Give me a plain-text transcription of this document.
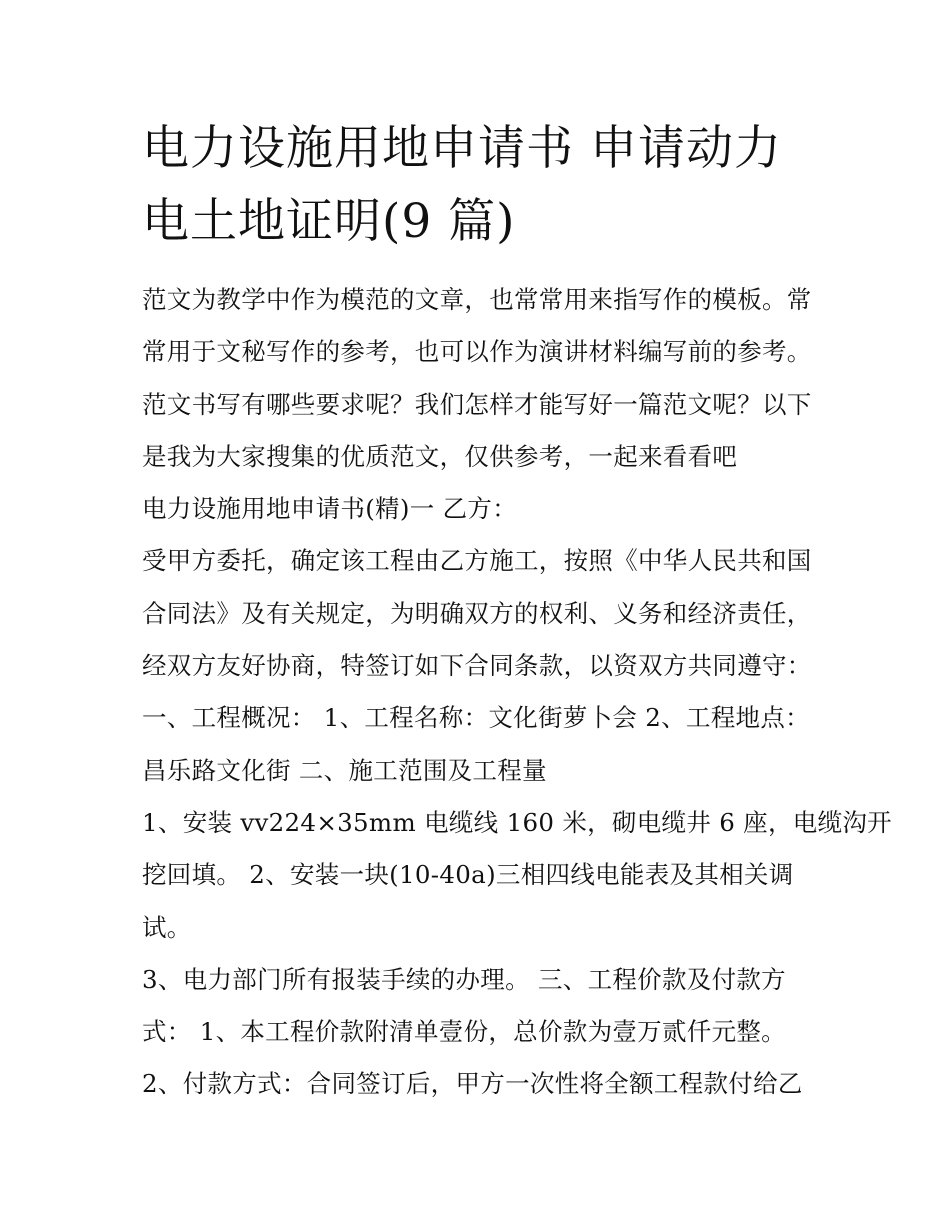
电力设施用地申请书 申请动力
电土地证明(9 篇)
范文为教学中作为模范的文章，也常常用来指写作的模板。常
常用于文秘写作的参考，也可以作为演讲材料编写前的参考。
范文书写有哪些要求呢？我们怎样才能写好一篇范文呢？以下
是我为大家搜集的优质范文，仅供参考，一起来看看吧
电力设施用地申请书(精)一 乙方：
受甲方委托，确定该工程由乙方施工，按照《中华人民共和国
合同法》及有关规定，为明确双方的权利、义务和经济责任，
经双方友好协商，特签订如下合同条款，以资双方共同遵守：
一、工程概况： 1、工程名称：文化街萝卜会 2、工程地点：
昌乐路文化街 二、施工范围及工程量
1、安装 vv224×35mm 电缆线 160 米，砌电缆井 6 座，电缆沟开
挖回填。 2、安装一块(10-40a)三相四线电能表及其相关调
试。
3、电力部门所有报装手续的办理。 三、工程价款及付款方
式： 1、本工程价款附清单壹份，总价款为壹万贰仟元整。
2、付款方式：合同签订后，甲方一次性将全额工程款付给乙
